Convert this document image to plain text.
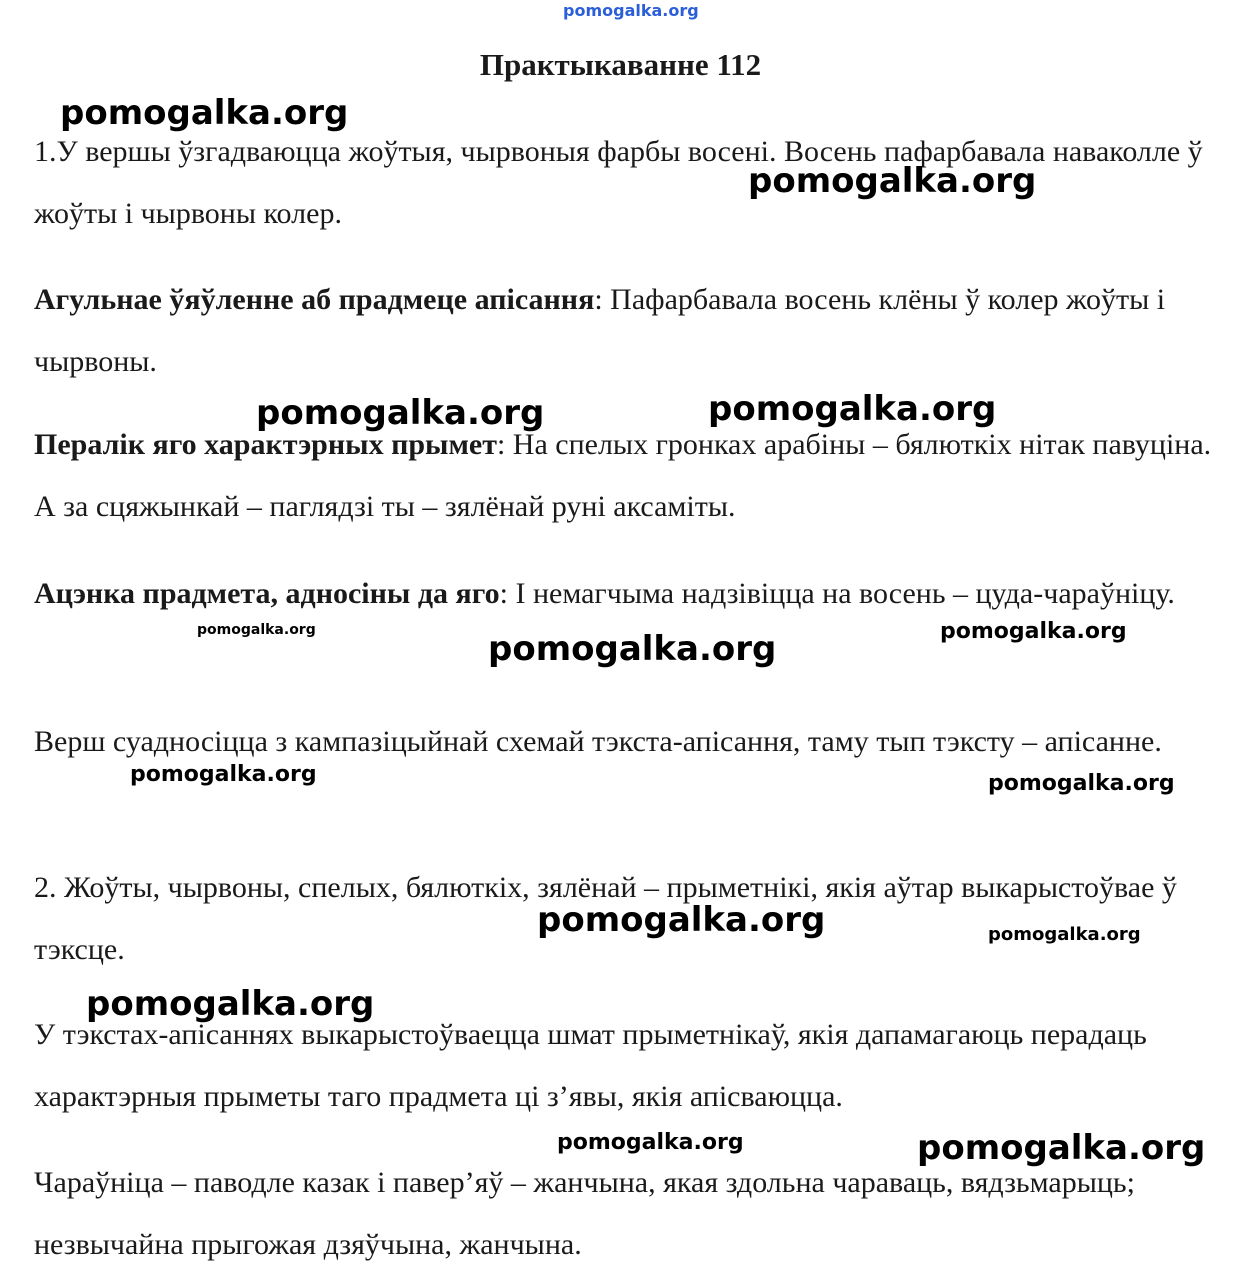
pomogalka.org
Практыкаванне 112

1.У вершы ўзгадваюцца жоўтыя, чырвоныя фарбы восені. Восень пафарбавала наваколле ў жоўты і чырвоны колер.

Агульнае ўяўленне аб прадмеце апісання: Пафарбавала восень клёны ў колер жоўты і чырвоны.

Пералік яго характэрных прымет: На спелых гронках арабіны – бялюткіх нітак павуціна. А за сцяжынкай – паглядзі ты – зялёнай руні аксаміты.

Ацэнка прадмета, адносіны да яго: І немагчыма надзівіцца на восень – цуда-чараўніцу.

Верш суадносіцца з кампазіцыйнай схемай тэкста-апісання, таму тып тэксту – апісанне.

2. Жоўты, чырвоны, спелых, бялюткіх, зялёнай – прыметнікі, якія аўтар выкарыстоўвае ў тэксце.

У тэкстах-апісаннях выкарыстоўваецца шмат прыметнікаў, якія дапамагаюць перадаць характэрныя прыметы таго прадмета ці з’явы, якія апісваюцца.

Чараўніца – паводле казак і павер’яў – жанчына, якая здольна чараваць, вядзьмарыць; незвычайна прыгожая дзяўчына, жанчына.

pomogalka.org
pomogalka.org
pomogalka.org	pomogalka.org
pomogalka.org	pomogalka.org
pomogalka.org
pomogalka.org	pomogalka.org
pomogalka.org	pomogalka.org
pomogalka.org
pomogalka.org	pomogalka.org
